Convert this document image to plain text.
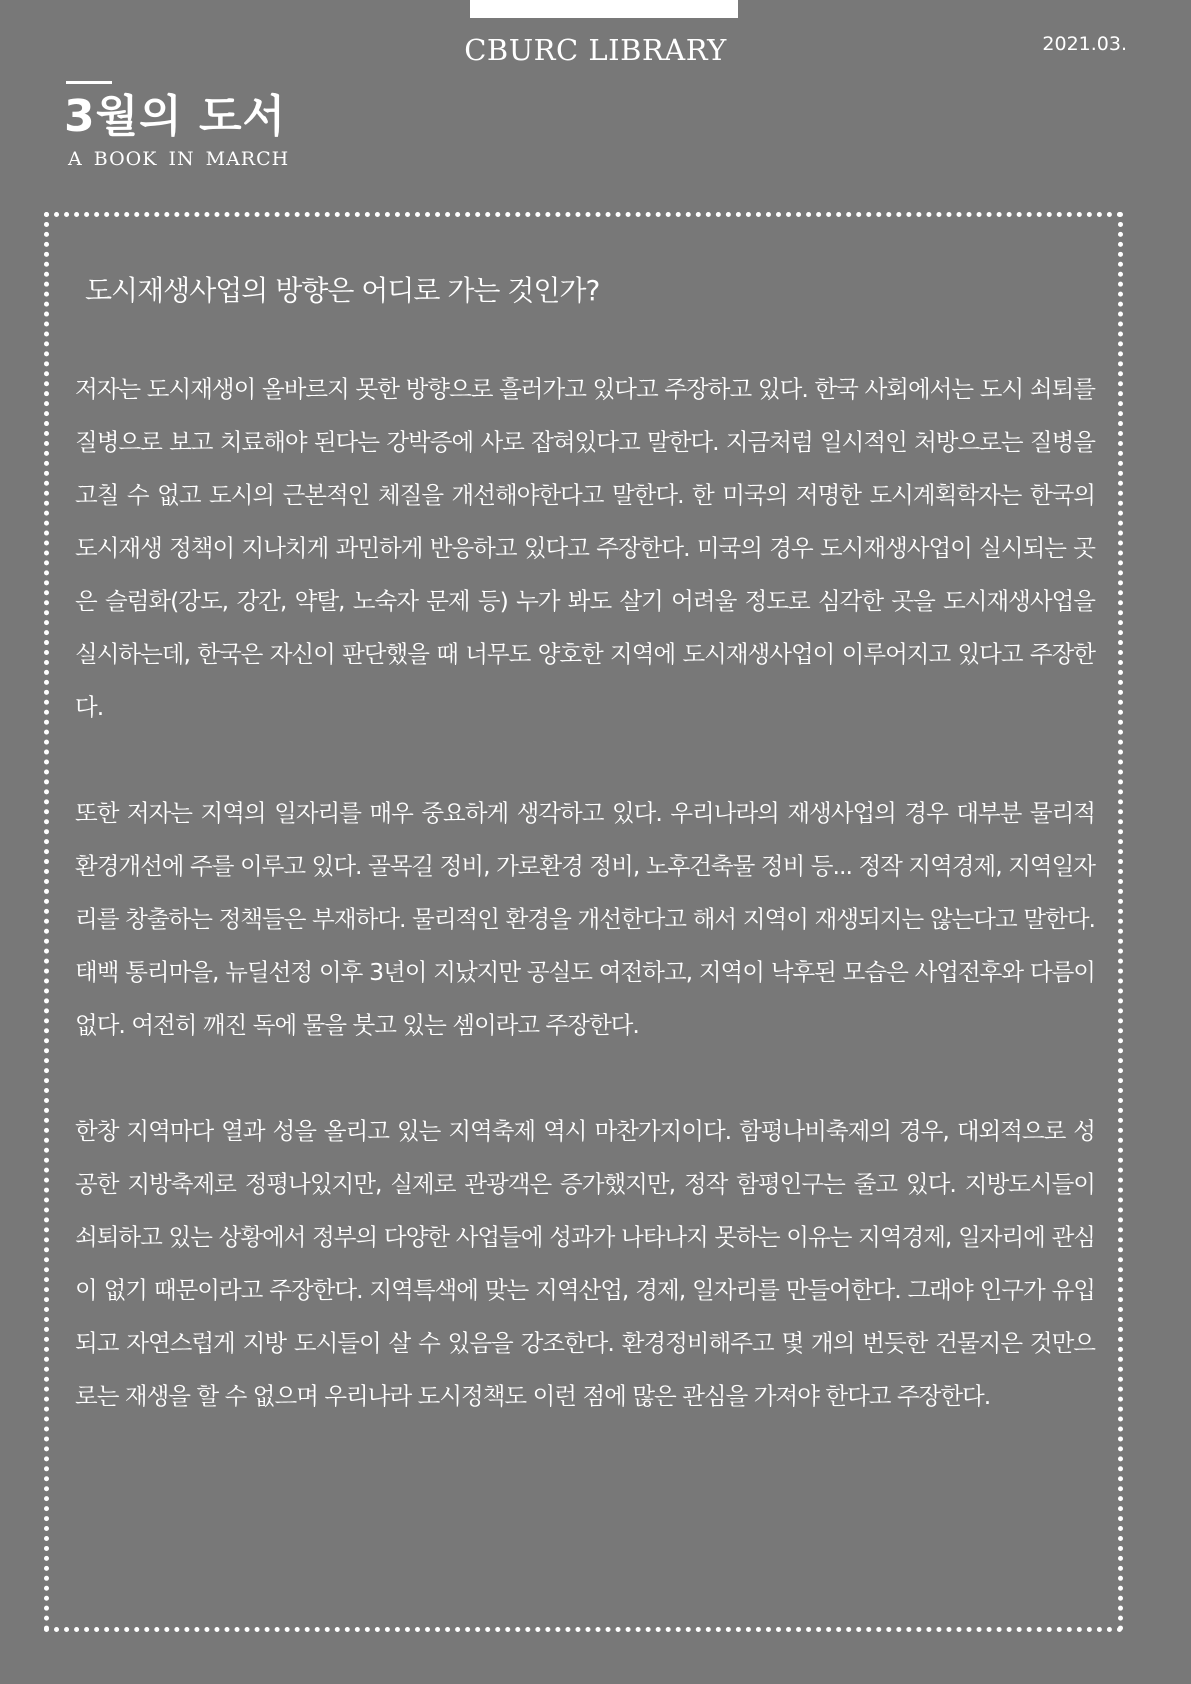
CBURC LIBRARY	2021.03.
3월의 도서
A BOOK IN MARCH
도시재생사업의 방향은 어디로 가는 것인가?

저자는 도시재생이 올바르지 못한 방향으로 흘러가고 있다고 주장하고 있다. 한국 사회에서는 도시 쇠퇴를 질병으로 보고 치료해야 된다는 강박증에 사로 잡혀있다고 말한다. 지금처럼 일시적인 처방으로는 질병을 고칠 수 없고 도시의 근본적인 체질을 개선해야한다고 말한다. 한 미국의 저명한 도시계획학자는 한국의 도시재생 정책이 지나치게 과민하게 반응하고 있다고 주장한다. 미국의 경우 도시재생사업이 실시되는 곳은 슬럼화(강도, 강간, 약탈, 노숙자 문제 등) 누가 봐도 살기 어려울 정도로 심각한 곳을 도시재생사업을 실시하는데, 한국은 자신이 판단했을 때 너무도 양호한 지역에 도시재생사업이 이루어지고 있다고 주장한다.

또한 저자는 지역의 일자리를 매우 중요하게 생각하고 있다. 우리나라의 재생사업의 경우 대부분 물리적 환경개선에 주를 이루고 있다. 골목길 정비, 가로환경 정비, 노후건축물 정비 등... 정작 지역경제, 지역일자리를 창출하는 정책들은 부재하다. 물리적인 환경을 개선한다고 해서 지역이 재생되지는 않는다고 말한다. 태백 통리마을, 뉴딜선정 이후 3년이 지났지만 공실도 여전하고, 지역이 낙후된 모습은 사업전후와 다름이 없다. 여전히 깨진 독에 물을 붓고 있는 셈이라고 주장한다.

한창 지역마다 열과 성을 올리고 있는 지역축제 역시 마찬가지이다. 함평나비축제의 경우, 대외적으로 성공한 지방축제로 정평나있지만, 실제로 관광객은 증가했지만, 정작 함평인구는 줄고 있다. 지방도시들이 쇠퇴하고 있는 상황에서 정부의 다양한 사업들에 성과가 나타나지 못하는 이유는 지역경제, 일자리에 관심이 없기 때문이라고 주장한다. 지역특색에 맞는 지역산업, 경제, 일자리를 만들어한다. 그래야 인구가 유입되고 자연스럽게 지방 도시들이 살 수 있음을 강조한다. 환경정비해주고 몇 개의 번듯한 건물지은 것만으로는 재생을 할 수 없으며 우리나라 도시정책도 이런 점에 많은 관심을 가져야 한다고 주장한다.
